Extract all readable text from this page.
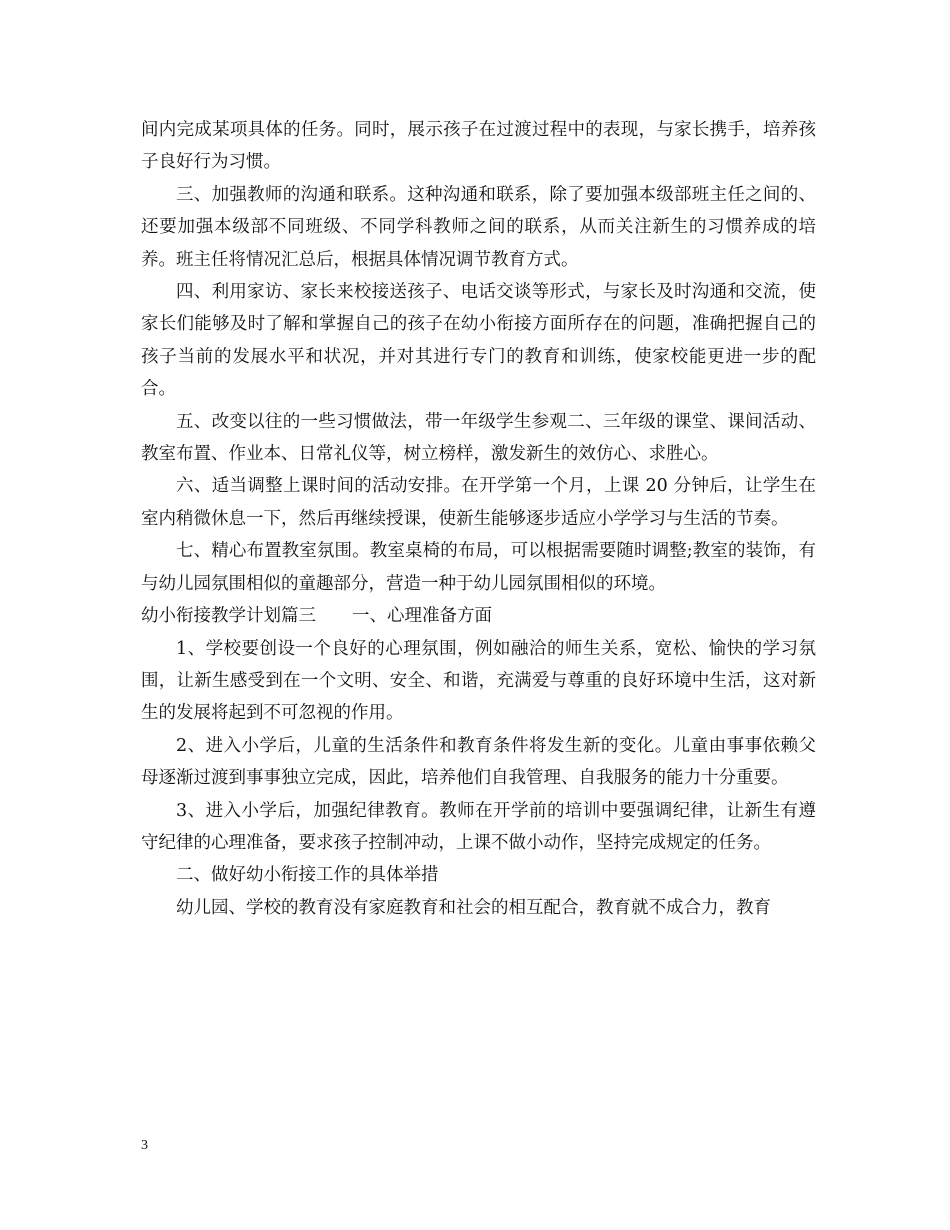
间内完成某项具体的任务。同时，展示孩子在过渡过程中的表现，与家长携手，培养孩子良好行为习惯。

三、加强教师的沟通和联系。这种沟通和联系，除了要加强本级部班主任之间的、还要加强本级部不同班级、不同学科教师之间的联系，从而关注新生的习惯养成的培养。班主任将情况汇总后，根据具体情况调节教育方式。

四、利用家访、家长来校接送孩子、电话交谈等形式，与家长及时沟通和交流，使家长们能够及时了解和掌握自己的孩子在幼小衔接方面所存在的问题，准确把握自己的孩子当前的发展水平和状况，并对其进行专门的教育和训练，使家校能更进一步的配合。

五、改变以往的一些习惯做法，带一年级学生参观二、三年级的课堂、课间活动、教室布置、作业本、日常礼仪等，树立榜样，激发新生的效仿心、求胜心。

六、适当调整上课时间的活动安排。在开学第一个月，上课 20 分钟后，让学生在室内稍微休息一下，然后再继续授课，使新生能够逐步适应小学学习与生活的节奏。

七、精心布置教室氛围。教室桌椅的布局，可以根据需要随时调整;教室的装饰，有与幼儿园氛围相似的童趣部分，营造一种于幼儿园氛围相似的环境。

幼小衔接教学计划篇三 一、心理准备方面

1、学校要创设一个良好的心理氛围，例如融洽的师生关系，宽松、愉快的学习氛围，让新生感受到在一个文明、安全、和谐，充满爱与尊重的良好环境中生活，这对新生的发展将起到不可忽视的作用。

2、进入小学后，儿童的生活条件和教育条件将发生新的变化。儿童由事事依赖父母逐渐过渡到事事独立完成，因此，培养他们自我管理、自我服务的能力十分重要。

3、进入小学后，加强纪律教育。教师在开学前的培训中要强调纪律，让新生有遵守纪律的心理准备，要求孩子控制冲动，上课不做小动作，坚持完成规定的任务。

二、做好幼小衔接工作的具体举措

幼儿园、学校的教育没有家庭教育和社会的相互配合，教育就不成合力，教育

3
